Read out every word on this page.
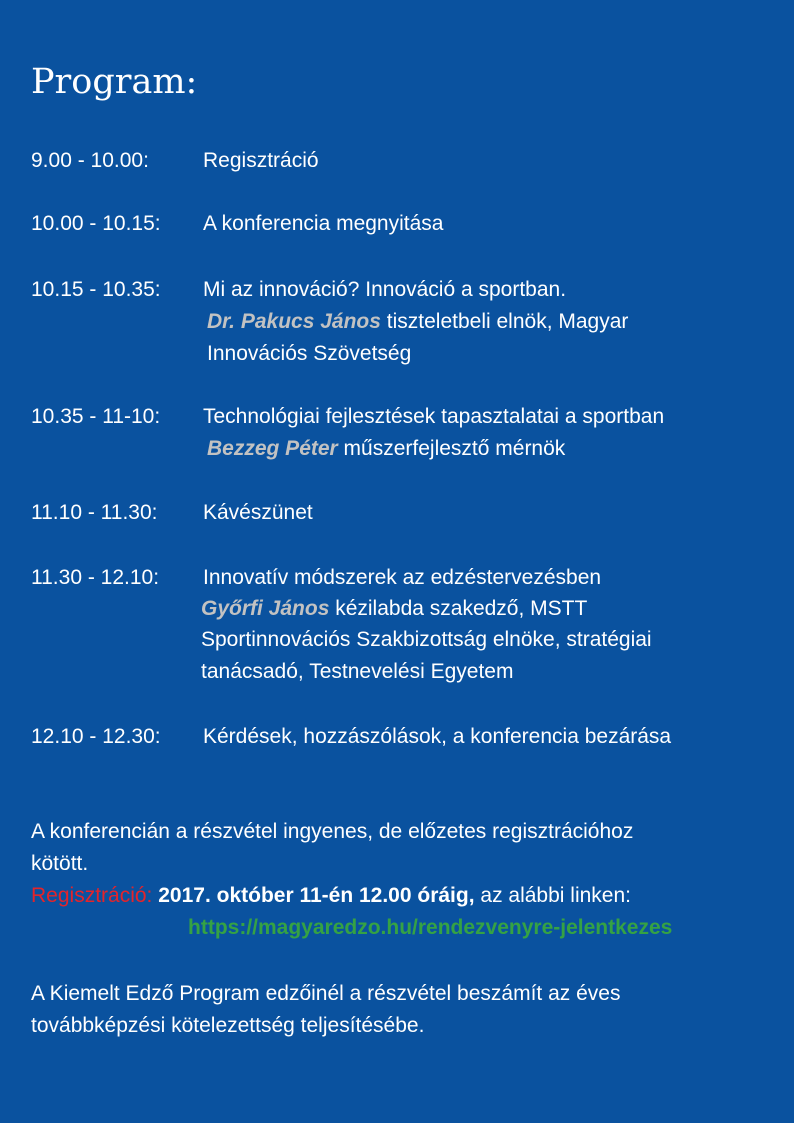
Program:
9.00 - 10.00:	Regisztráció
10.00 - 10.15: A konferencia megnyitása
10.15 - 10.35: Mi az innováció? Innováció a sportban.
Dr. Pakucs János tiszteletbeli elnök, Magyar
Innovációs Szövetség
10.35 - 11-10: Technológiai fejlesztések tapasztalatai a sportban
Bezzeg Péter műszerfejlesztő mérnök
11.10 - 11.30: Kávészünet
11.30 - 12.10: Innovatív módszerek az edzéstervezésben
Győrfi János kézilabda szakedző, MSTT
Sportinnovációs Szakbizottság elnöke, stratégiai
tanácsadó, Testnevelési Egyetem
12.10 - 12.30: Kérdések, hozzászólások, a konferencia bezárása
A konferencián a részvétel ingyenes, de előzetes regisztrációhoz
kötött.
Regisztráció: 2017. október 11-én 12.00 óráig, az alábbi linken:
https://magyaredzo.hu/rendezvenyre-jelentkezes
A Kiemelt Edző Program edzőinél a részvétel beszámít az éves
továbbképzési kötelezettség teljesítésébe.
